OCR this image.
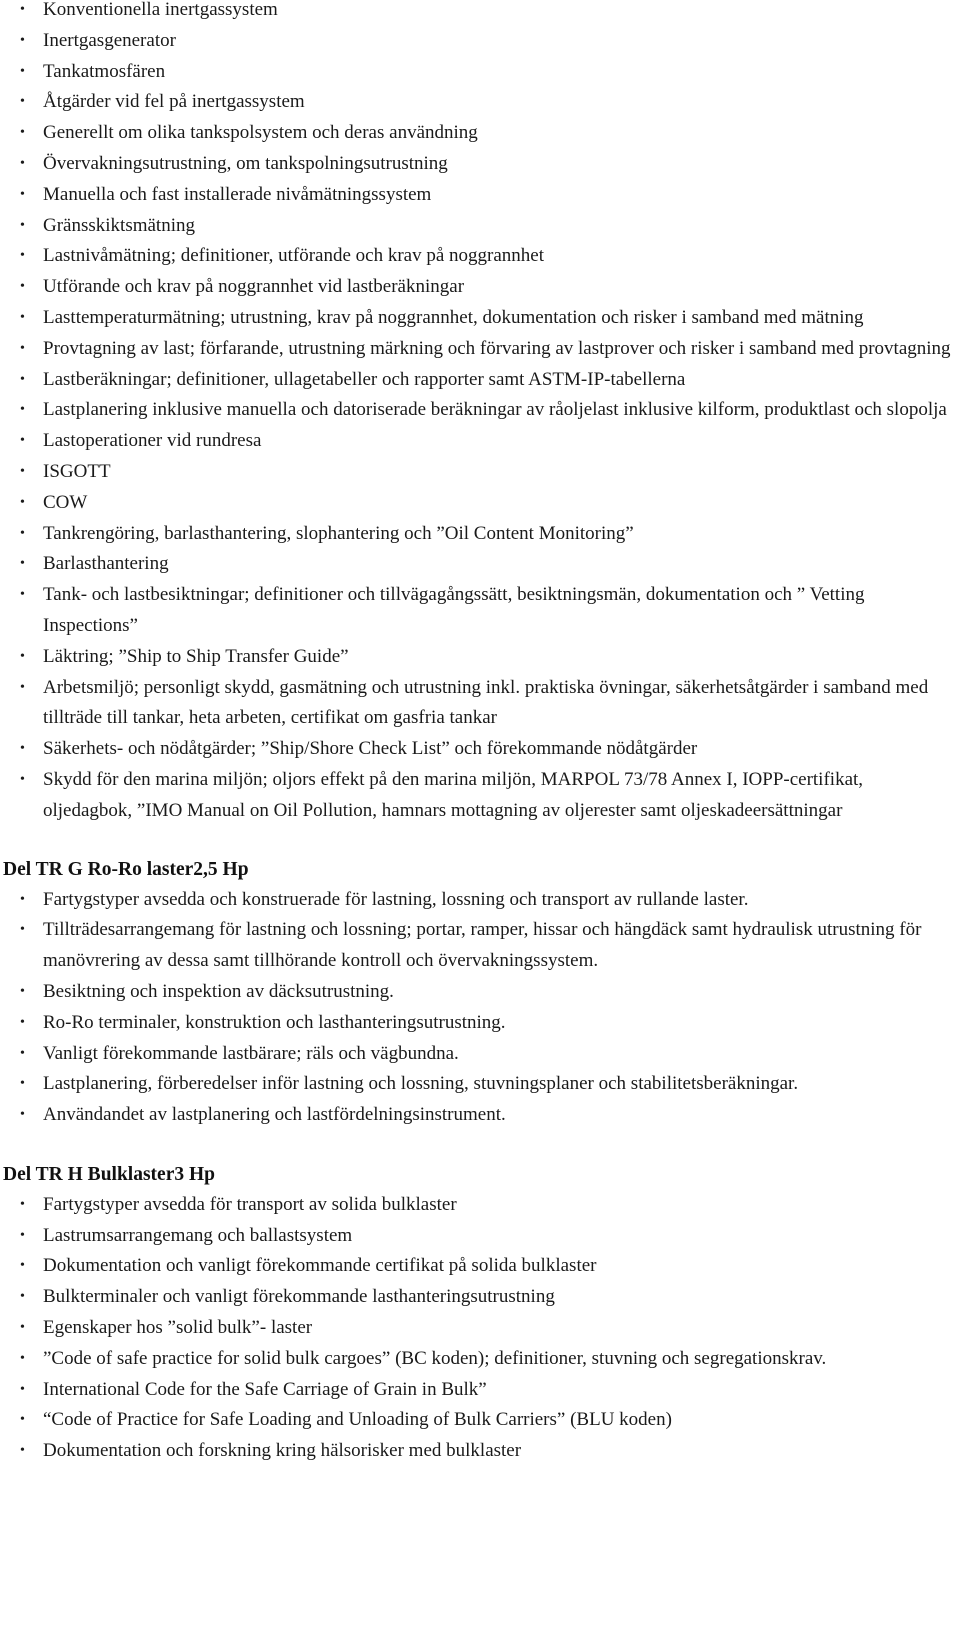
• Konventionella inertgassystem
• Inertgasgenerator
• Tankatmosfären
• Åtgärder vid fel på inertgassystem
• Generellt om olika tankspolsystem och deras användning
• Övervakningsutrustning, om tankspolningsutrustning
• Manuella och fast installerade nivåmätningssystem
• Gränsskiktsmätning
• Lastnivåmätning; definitioner, utförande och krav på noggrannhet
• Utförande och krav på noggrannhet vid lastberäkningar
• Lasttemperaturmätning; utrustning, krav på noggrannhet, dokumentation och risker i samband med mätning
• Provtagning av last; förfarande, utrustning märkning och förvaring av lastprover och risker i samband med provtagning
• Lastberäkningar; definitioner, ullagetabeller och rapporter samt ASTM-IP-tabellerna
• Lastplanering inklusive manuella och datoriserade beräkningar av råoljelast inklusive kilform, produktlast och slopolja
• Lastoperationer vid rundresa
• ISGOTT
• COW
• Tankrengöring, barlasthantering, slophantering och ”Oil Content Monitoring”
• Barlasthantering
• Tank- och lastbesiktningar; definitioner och tillvägagångssätt, besiktningsmän, dokumentation och ” Vetting Inspections”
• Läktring; ”Ship to Ship Transfer Guide”
• Arbetsmiljö; personligt skydd, gasmätning och utrustning inkl. praktiska övningar, säkerhetsåtgärder i samband med tillträde till tankar, heta arbeten, certifikat om gasfria tankar
• Säkerhets- och nödåtgärder; ”Ship/Shore Check List” och förekommande nödåtgärder
• Skydd för den marina miljön; oljors effekt på den marina miljön, MARPOL 73/78 Annex I, IOPP-certifikat, oljedagbok, ”IMO Manual on Oil Pollution, hamnars mottagning av oljerester samt oljeskadeersättningar
Del TR G Ro-Ro laster2,5 Hp
• Fartygstyper avsedda och konstruerade för lastning, lossning och transport av rullande laster.
• Tillträdesarrangemang för lastning och lossning; portar, ramper, hissar och hängdäck samt hydraulisk utrustning för manövrering av dessa samt tillhörande kontroll och övervakningssystem.
• Besiktning och inspektion av däcksutrustning.
• Ro-Ro terminaler, konstruktion och lasthanteringsutrustning.
• Vanligt förekommande lastbärare; räls och vägbundna.
• Lastplanering, förberedelser inför lastning och lossning, stuvningsplaner och stabilitetsberäkningar.
• Användandet av lastplanering och lastfördelningsinstrument.
Del TR H Bulklaster3 Hp
• Fartygstyper avsedda för transport av solida bulklaster
• Lastrumsarrangemang och ballastsystem
• Dokumentation och vanligt förekommande certifikat på solida bulklaster
• Bulkterminaler och vanligt förekommande lasthanteringsutrustning
• Egenskaper hos ”solid bulk”- laster
• ”Code of safe practice for solid bulk cargoes” (BC koden); definitioner, stuvning och segregationskrav.
• International Code for the Safe Carriage of Grain in Bulk”
• “Code of Practice for Safe Loading and Unloading of Bulk Carriers” (BLU koden)
• Dokumentation och forskning kring hälsorisker med bulklaster
